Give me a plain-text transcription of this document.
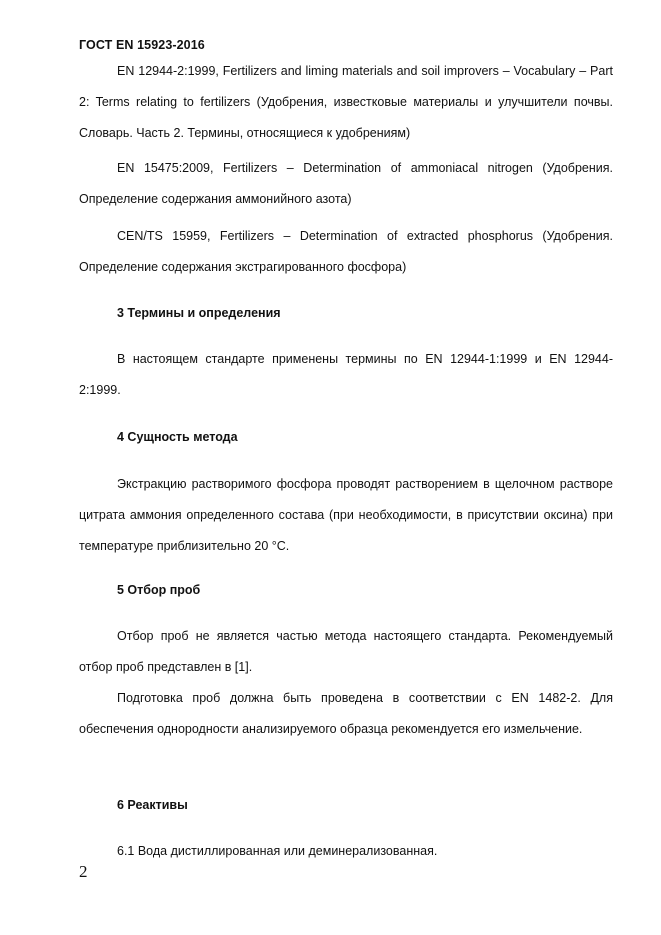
ГОСТ EN 15923-2016

EN 12944-2:1999, Fertilizers and liming materials and soil improvers – Vocabulary – Part 2: Terms relating to fertilizers (Удобрения, известковые материалы и улучшители почвы. Словарь. Часть 2. Термины, относящиеся к удобрениям)

EN 15475:2009, Fertilizers – Determination of ammoniacal nitrogen (Удобрения. Определение содержания аммонийного азота)

CEN/TS 15959, Fertilizers – Determination of extracted phosphorus (Удобрения. Определение содержания экстрагированного фосфора)

3 Термины и определения

В настоящем стандарте применены термины по EN 12944-1:1999 и EN 12944-2:1999.

4 Сущность метода

Экстракцию растворимого фосфора проводят растворением в щелочном растворе цитрата аммония определенного состава (при необходимости, в присутствии оксина) при температуре приблизительно 20 °C.

5 Отбор проб

Отбор проб не является частью метода настоящего стандарта. Рекомендуемый отбор проб представлен в [1].

Подготовка проб должна быть проведена в соответствии с EN 1482-2. Для обеспечения однородности анализируемого образца рекомендуется его измельчение.

6 Реактивы

6.1 Вода дистиллированная или деминерализованная.

2
